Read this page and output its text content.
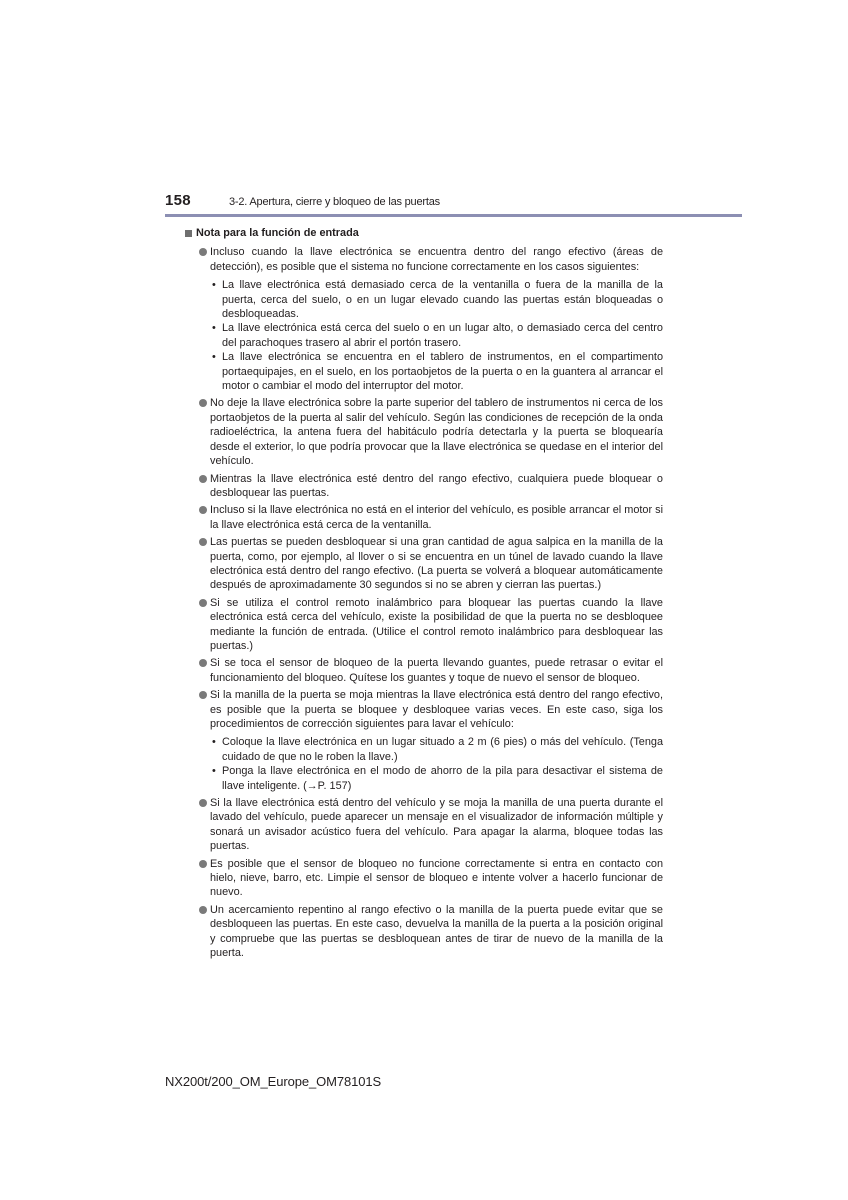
158	3-2. Apertura, cierre y bloqueo de las puertas
Nota para la función de entrada
Incluso cuando la llave electrónica se encuentra dentro del rango efectivo (áreas de detección), es posible que el sistema no funcione correctamente en los casos siguientes:
• La llave electrónica está demasiado cerca de la ventanilla o fuera de la manilla de la puerta, cerca del suelo, o en un lugar elevado cuando las puertas están bloqueadas o desbloqueadas.
• La llave electrónica está cerca del suelo o en un lugar alto, o demasiado cerca del centro del parachoques trasero al abrir el portón trasero.
• La llave electrónica se encuentra en el tablero de instrumentos, en el compartimento portaequipajes, en el suelo, en los portaobjetos de la puerta o en la guantera al arrancar el motor o cambiar el modo del interruptor del motor.
No deje la llave electrónica sobre la parte superior del tablero de instrumentos ni cerca de los portaobjetos de la puerta al salir del vehículo. Según las condiciones de recepción de la onda radioeléctrica, la antena fuera del habitáculo podría detectarla y la puerta se bloquearía desde el exterior, lo que podría provocar que la llave electrónica se quedase en el interior del vehículo.
Mientras la llave electrónica esté dentro del rango efectivo, cualquiera puede bloquear o desbloquear las puertas.
Incluso si la llave electrónica no está en el interior del vehículo, es posible arrancar el motor si la llave electrónica está cerca de la ventanilla.
Las puertas se pueden desbloquear si una gran cantidad de agua salpica en la manilla de la puerta, como, por ejemplo, al llover o si se encuentra en un túnel de lavado cuando la llave electrónica está dentro del rango efectivo. (La puerta se volverá a bloquear automáticamente después de aproximadamente 30 segundos si no se abren y cierran las puertas.)
Si se utiliza el control remoto inalámbrico para bloquear las puertas cuando la llave electrónica está cerca del vehículo, existe la posibilidad de que la puerta no se desbloquee mediante la función de entrada. (Utilice el control remoto inalámbrico para desbloquear las puertas.)
Si se toca el sensor de bloqueo de la puerta llevando guantes, puede retrasar o evitar el funcionamiento del bloqueo. Quítese los guantes y toque de nuevo el sensor de bloqueo.
Si la manilla de la puerta se moja mientras la llave electrónica está dentro del rango efectivo, es posible que la puerta se bloquee y desbloquee varias veces. En este caso, siga los procedimientos de corrección siguientes para lavar el vehículo:
• Coloque la llave electrónica en un lugar situado a 2 m (6 pies) o más del vehículo. (Tenga cuidado de que no le roben la llave.)
• Ponga la llave electrónica en el modo de ahorro de la pila para desactivar el sistema de llave inteligente. (→P. 157)
Si la llave electrónica está dentro del vehículo y se moja la manilla de una puerta durante el lavado del vehículo, puede aparecer un mensaje en el visualizador de información múltiple y sonará un avisador acústico fuera del vehículo. Para apagar la alarma, bloquee todas las puertas.
Es posible que el sensor de bloqueo no funcione correctamente si entra en contacto con hielo, nieve, barro, etc. Limpie el sensor de bloqueo e intente volver a hacerlo funcionar de nuevo.
Un acercamiento repentino al rango efectivo o la manilla de la puerta puede evitar que se desbloqueen las puertas. En este caso, devuelva la manilla de la puerta a la posición original y compruebe que las puertas se desbloquean antes de tirar de nuevo de la manilla de la puerta.
NX200t/200_OM_Europe_OM78101S
